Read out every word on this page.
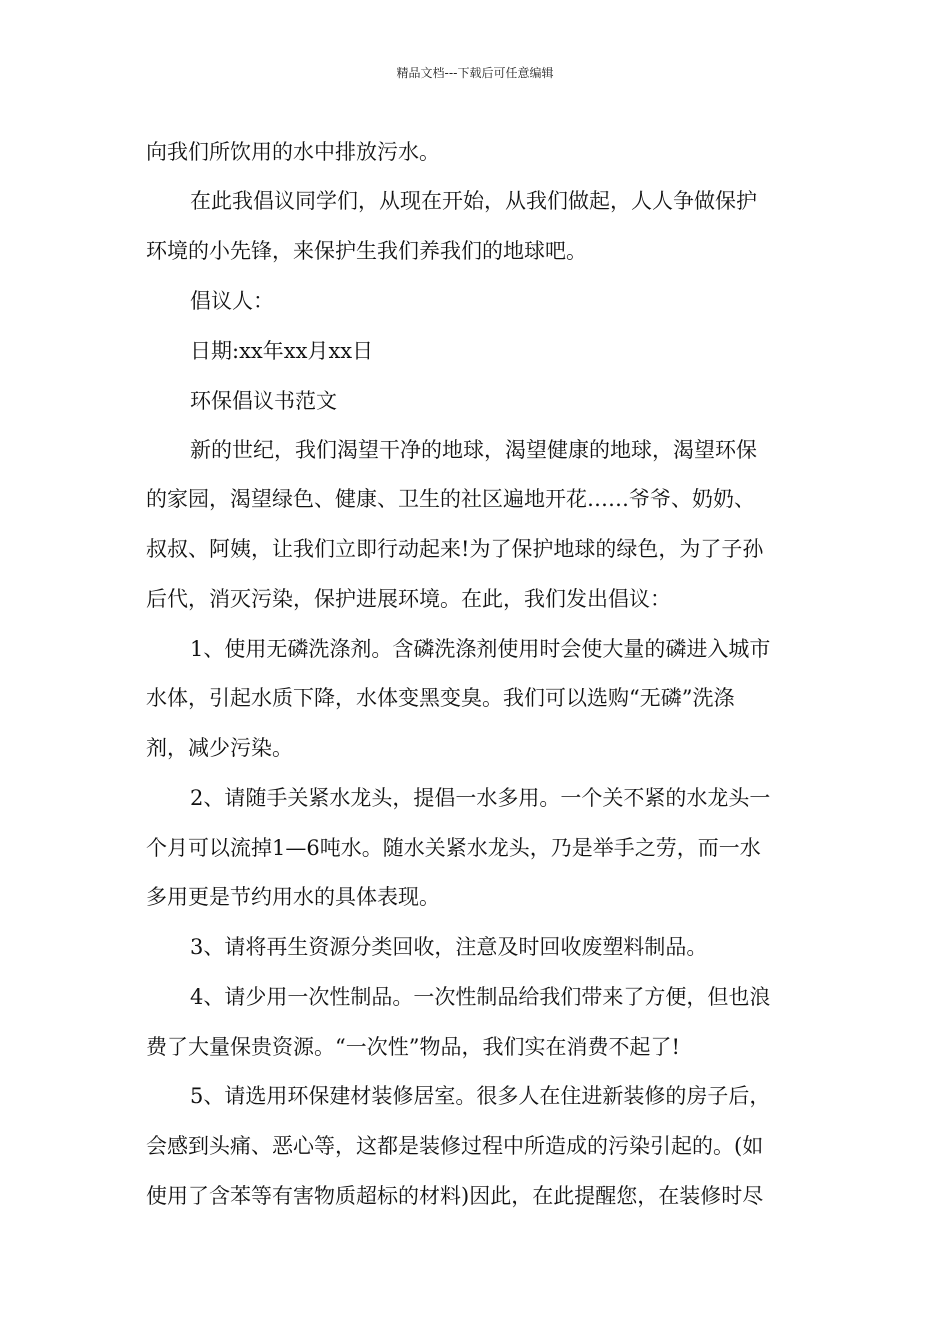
精品文档---下载后可任意编辑
向我们所饮用的水中排放污水。
在此我倡议同学们，从现在开始，从我们做起，人人争做保护
环境的小先锋，来保护生我们养我们的地球吧。
倡议人：
日期:xx年xx月xx日
环保倡议书范文
新的世纪，我们渴望干净的地球，渴望健康的地球，渴望环保
的家园，渴望绿色、健康、卫生的社区遍地开花……爷爷、奶奶、
叔叔、阿姨，让我们立即行动起来!为了保护地球的绿色，为了子孙
后代，消灭污染，保护进展环境。在此，我们发出倡议：
1、使用无磷洗涤剂。含磷洗涤剂使用时会使大量的磷进入城市
水体，引起水质下降，水体变黑变臭。我们可以选购“无磷”洗涤
剂，减少污染。
2、请随手关紧水龙头，提倡一水多用。一个关不紧的水龙头一
个月可以流掉1—6吨水。随水关紧水龙头，乃是举手之劳，而一水
多用更是节约用水的具体表现。
3、请将再生资源分类回收，注意及时回收废塑料制品。
4、请少用一次性制品。一次性制品给我们带来了方便，但也浪
费了大量保贵资源。“一次性”物品，我们实在消费不起了!
5、请选用环保建材装修居室。很多人在住进新装修的房子后，
会感到头痛、恶心等，这都是装修过程中所造成的污染引起的。(如
使用了含苯等有害物质超标的材料)因此，在此提醒您，在装修时尽
